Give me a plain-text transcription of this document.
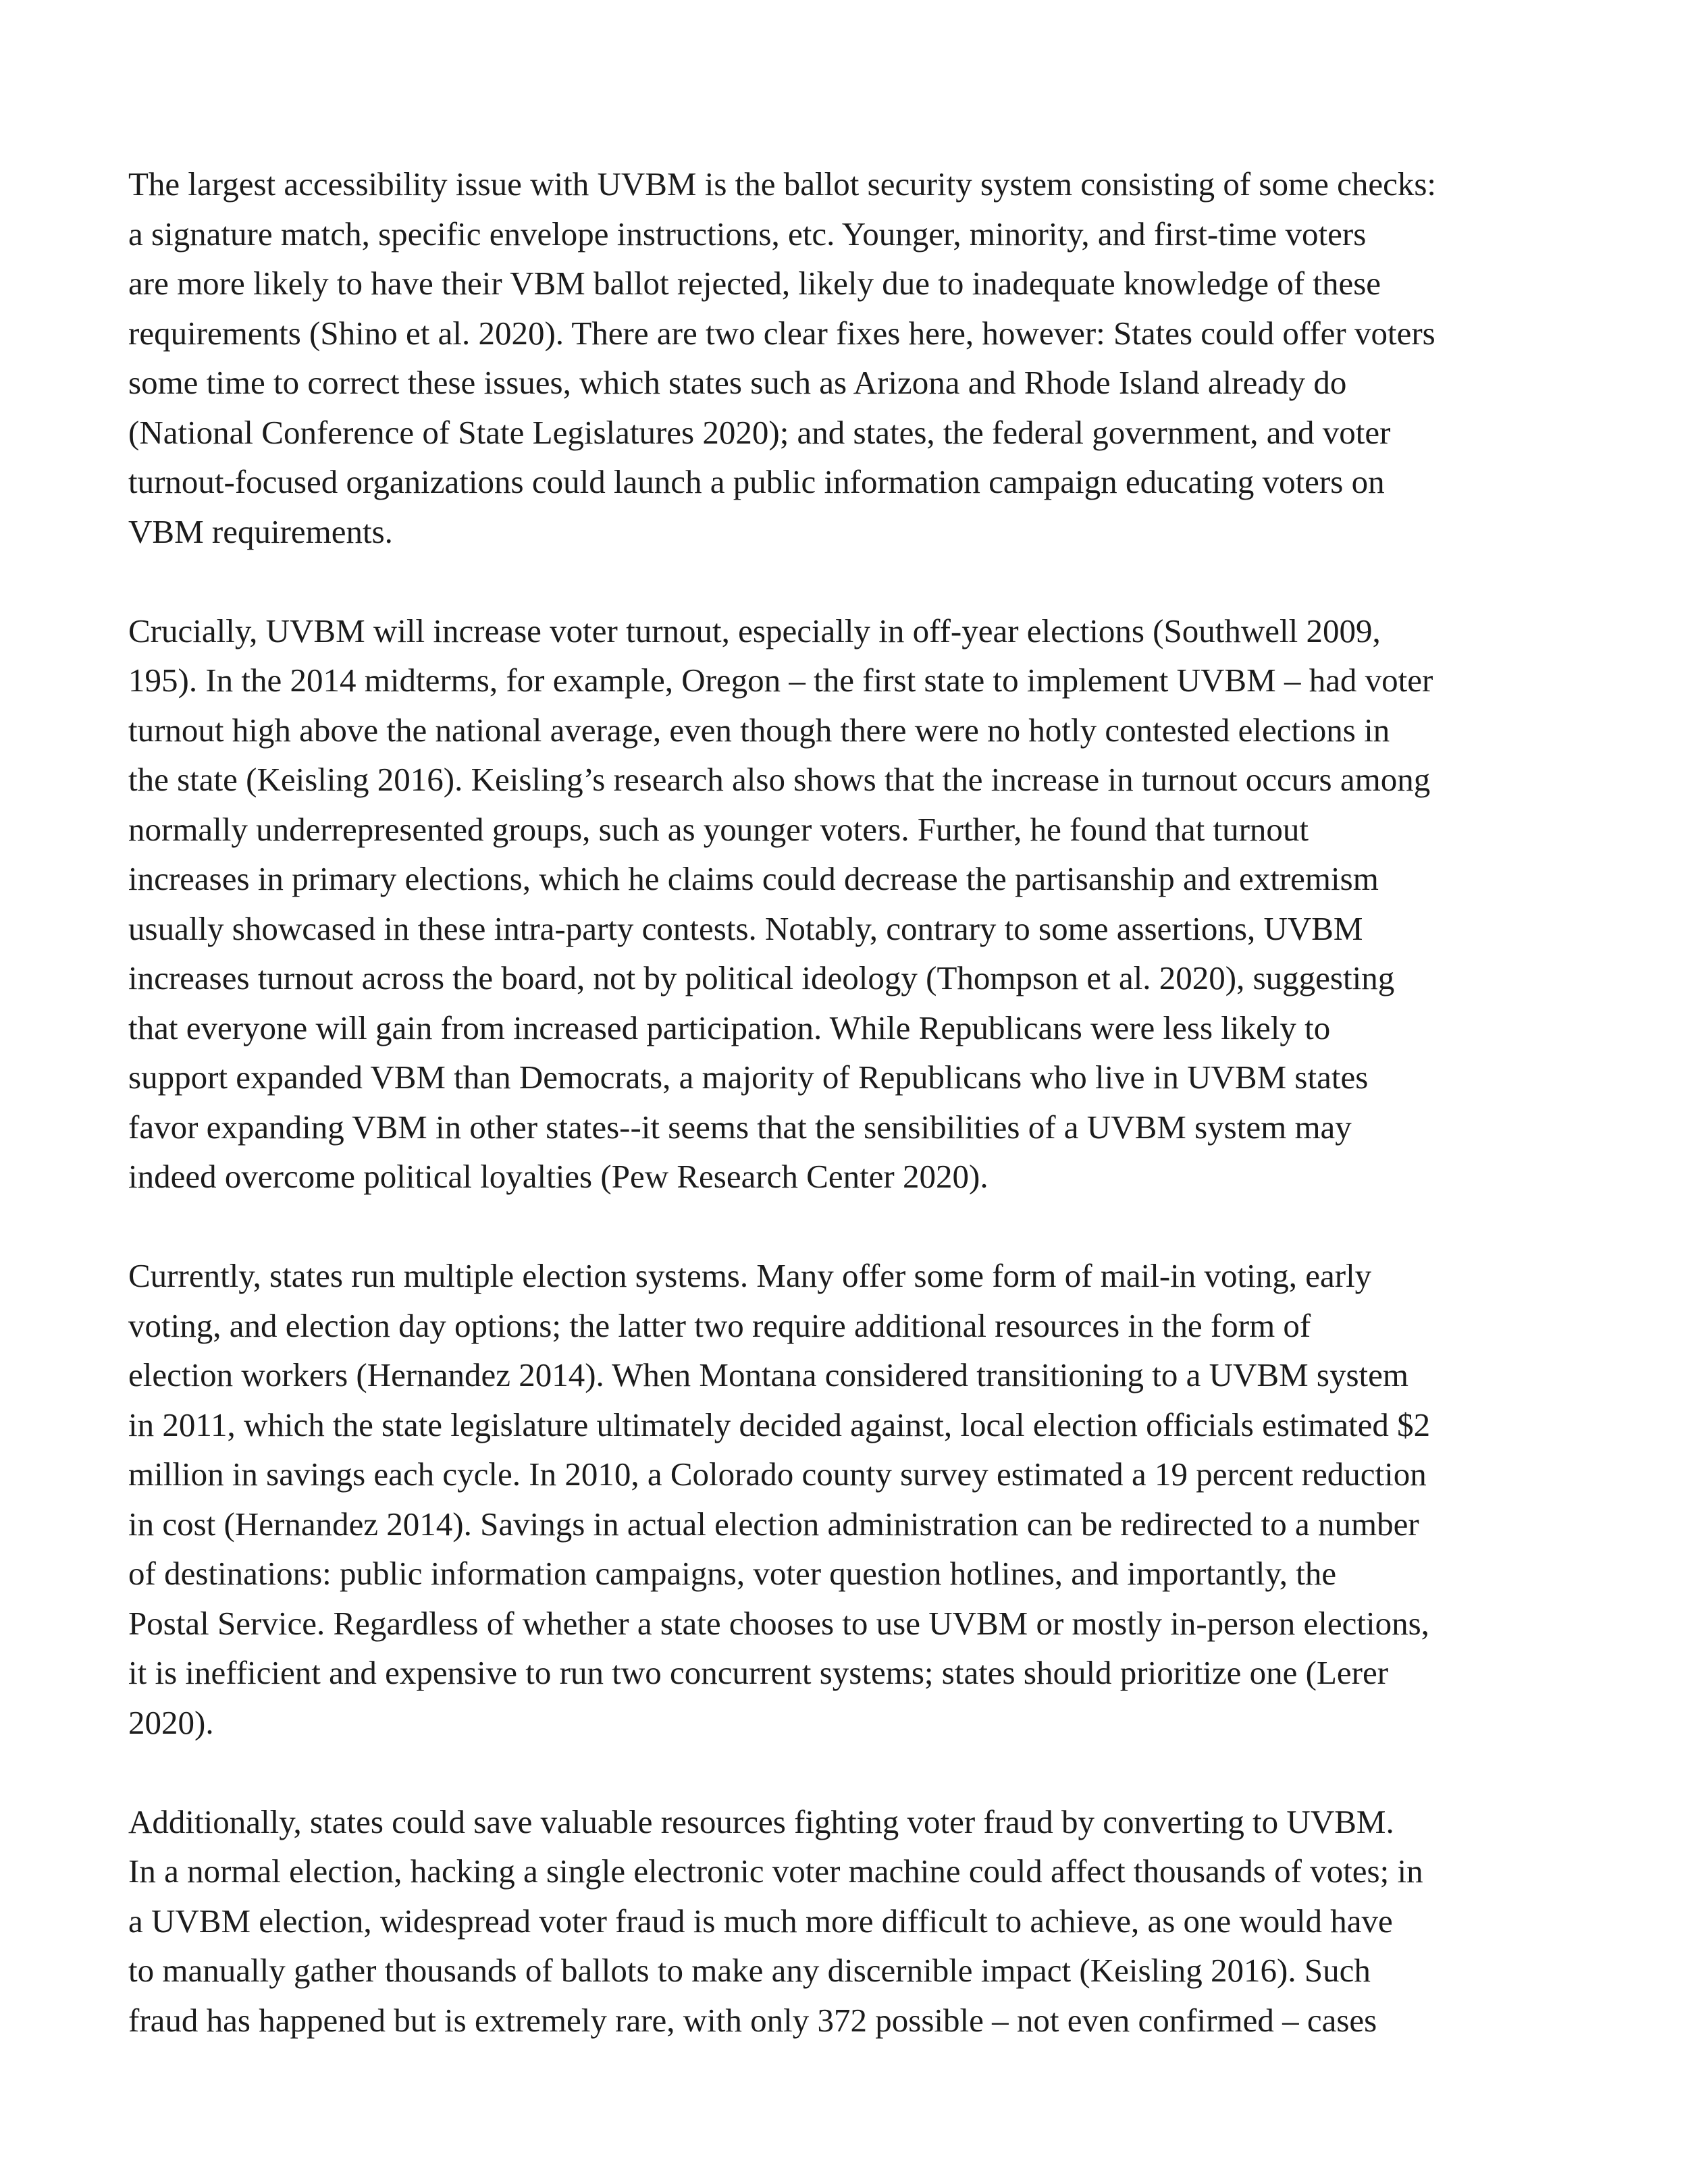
The largest accessibility issue with UVBM is the ballot security system consisting of some checks:
a signature match, specific envelope instructions, etc. Younger, minority, and first-time voters
are more likely to have their VBM ballot rejected, likely due to inadequate knowledge of these
requirements (Shino et al. 2020). There are two clear fixes here, however: States could offer voters
some time to correct these issues, which states such as Arizona and Rhode Island already do
(National Conference of State Legislatures 2020); and states, the federal government, and voter
turnout-focused organizations could launch a public information campaign educating voters on
VBM requirements.

Crucially, UVBM will increase voter turnout, especially in off-year elections (Southwell 2009,
195). In the 2014 midterms, for example, Oregon – the first state to implement UVBM – had voter
turnout high above the national average, even though there were no hotly contested elections in
the state (Keisling 2016). Keisling’s research also shows that the increase in turnout occurs among
normally underrepresented groups, such as younger voters. Further, he found that turnout
increases in primary elections, which he claims could decrease the partisanship and extremism
usually showcased in these intra-party contests. Notably, contrary to some assertions, UVBM
increases turnout across the board, not by political ideology (Thompson et al. 2020), suggesting
that everyone will gain from increased participation. While Republicans were less likely to
support expanded VBM than Democrats, a majority of Republicans who live in UVBM states
favor expanding VBM in other states--it seems that the sensibilities of a UVBM system may
indeed overcome political loyalties (Pew Research Center 2020).

Currently, states run multiple election systems. Many offer some form of mail-in voting, early
voting, and election day options; the latter two require additional resources in the form of
election workers (Hernandez 2014). When Montana considered transitioning to a UVBM system
in 2011, which the state legislature ultimately decided against, local election officials estimated $2
million in savings each cycle. In 2010, a Colorado county survey estimated a 19 percent reduction
in cost (Hernandez 2014). Savings in actual election administration can be redirected to a number
of destinations: public information campaigns, voter question hotlines, and importantly, the
Postal Service. Regardless of whether a state chooses to use UVBM or mostly in-person elections,
it is inefficient and expensive to run two concurrent systems; states should prioritize one (Lerer
2020).

Additionally, states could save valuable resources fighting voter fraud by converting to UVBM.
In a normal election, hacking a single electronic voter machine could affect thousands of votes; in
a UVBM election, widespread voter fraud is much more difficult to achieve, as one would have
to manually gather thousands of ballots to make any discernible impact (Keisling 2016). Such
fraud has happened but is extremely rare, with only 372 possible – not even confirmed – cases
